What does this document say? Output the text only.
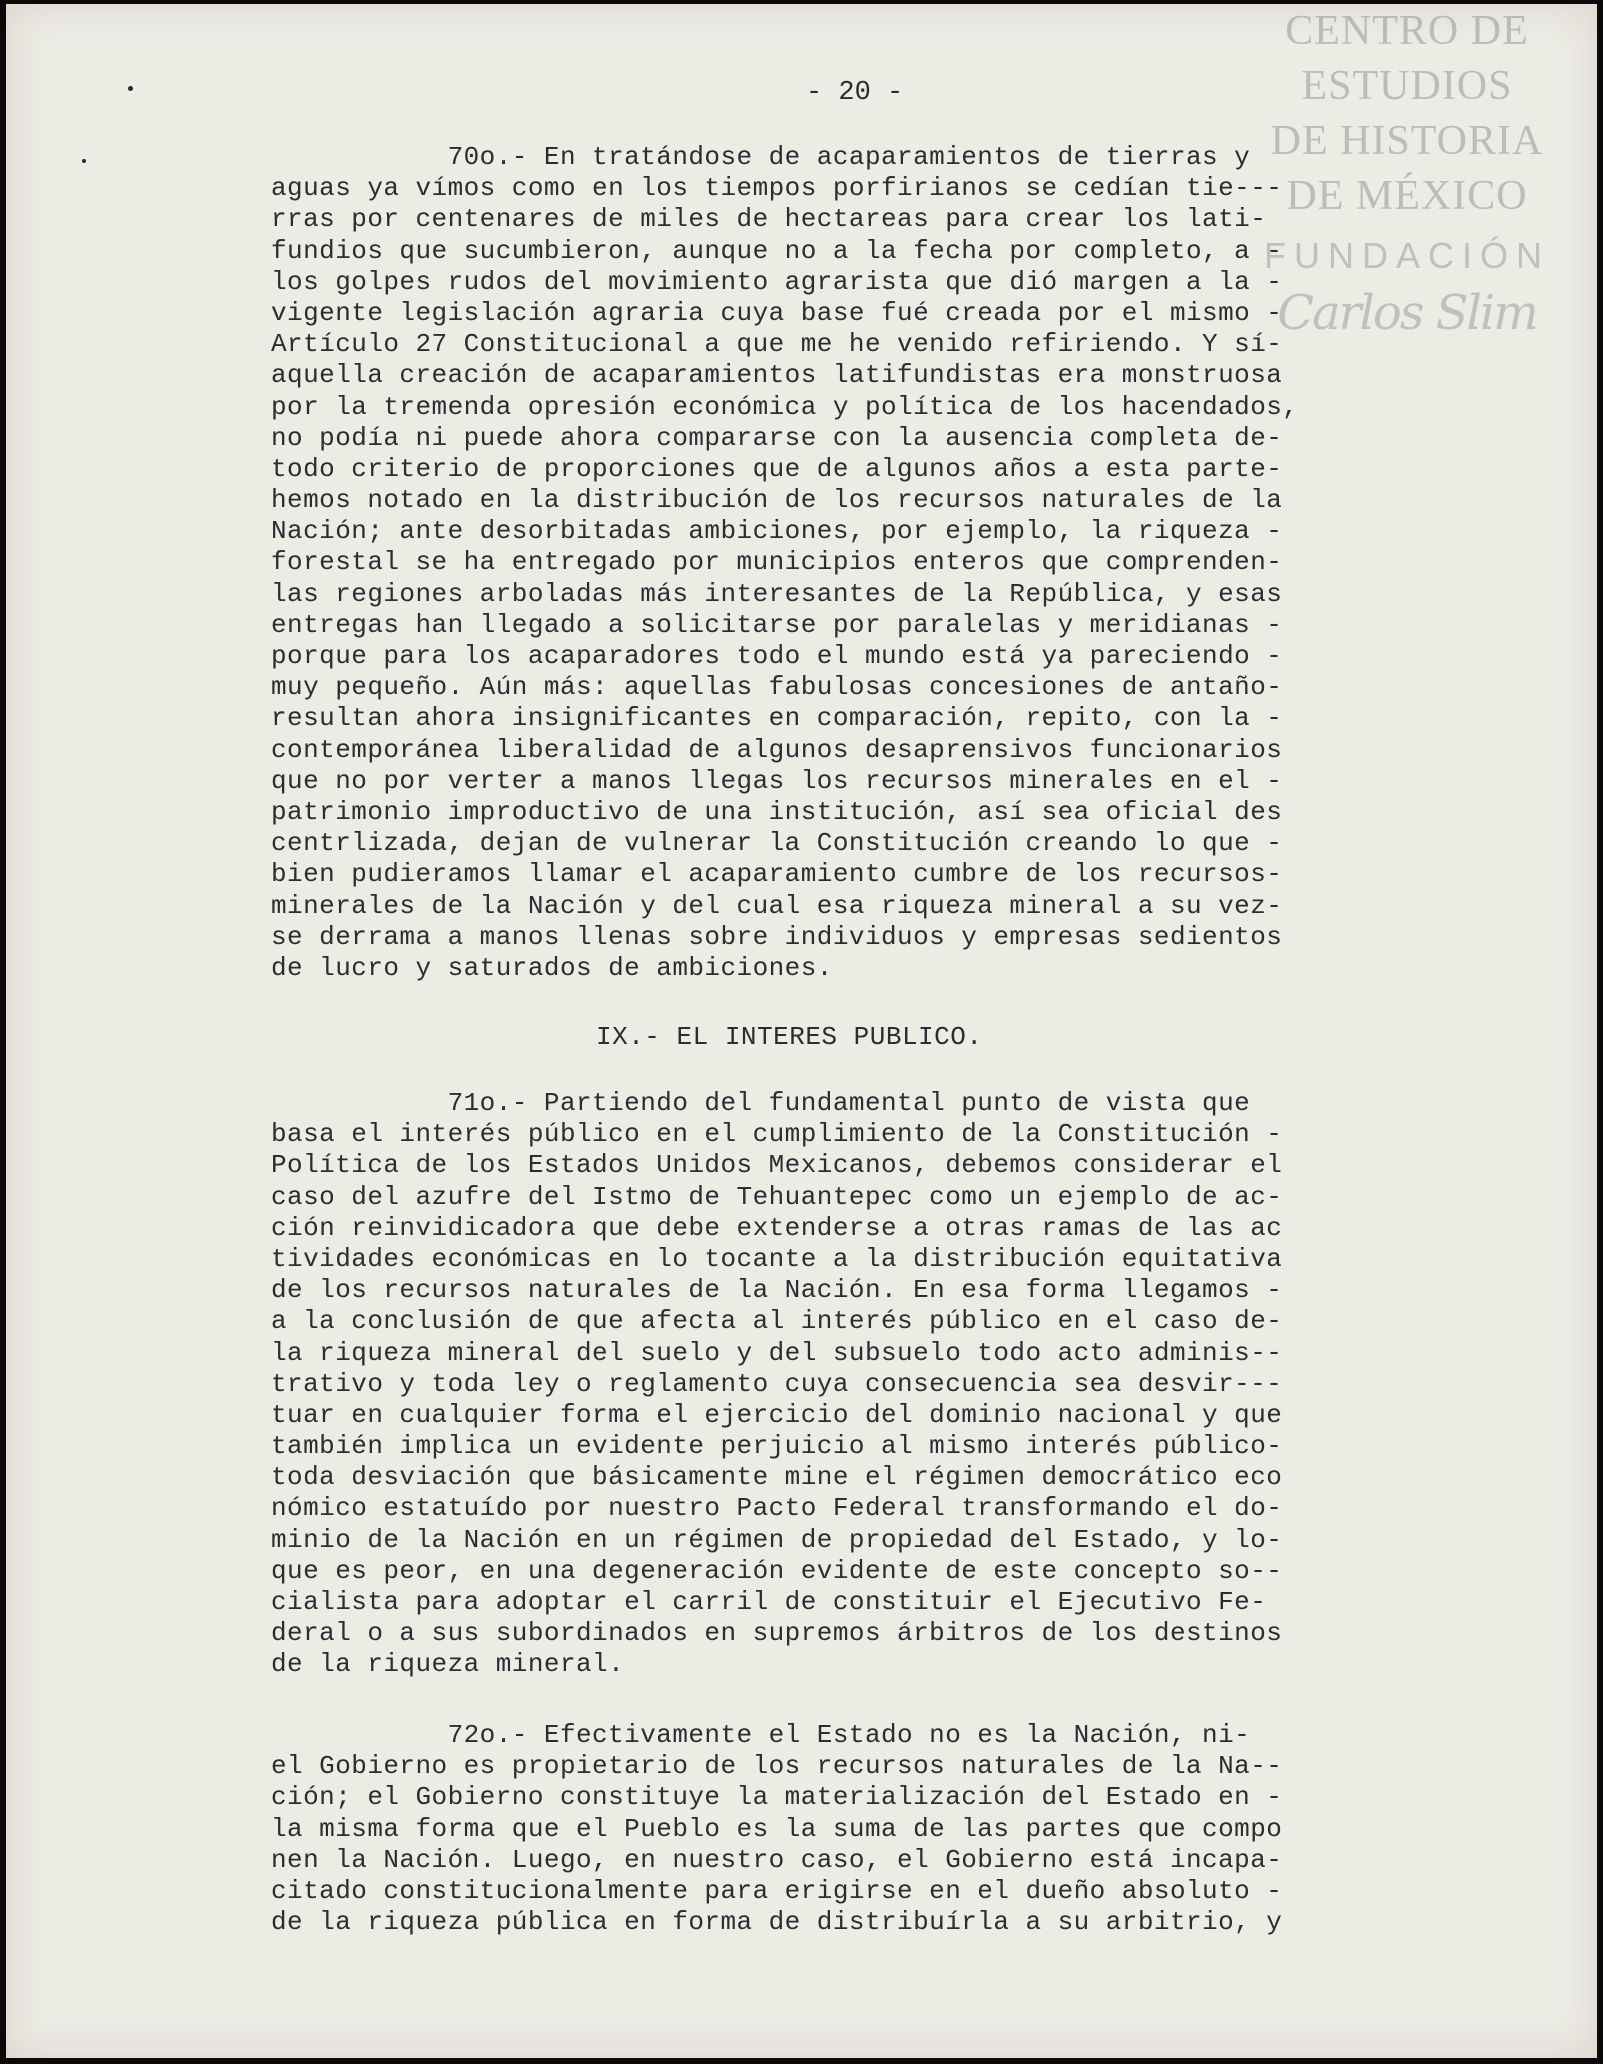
CENTRO DE
ESTUDIOS
DE HISTORIA
DE MÉXICO
FUNDACIÓN
Carlos Slim
- 20 -
70o.- En tratándose de acaparamientos de tierras y
aguas ya vímos como en los tiempos porfirianos se cedían tie---
rras por centenares de miles de hectareas para crear los lati-
fundios que sucumbieron, aunque no a la fecha por completo, a -
los golpes rudos del movimiento agrarista que dió margen a la -
vigente legislación agraria cuya base fué creada por el mismo -
Artículo 27 Constitucional a que me he venido refiriendo. Y sí-
aquella creación de acaparamientos latifundistas era monstruosa
por la tremenda opresión económica y política de los hacendados,
no podía ni puede ahora compararse con la ausencia completa de-
todo criterio de proporciones que de algunos años a esta parte-
hemos notado en la distribución de los recursos naturales de la
Nación; ante desorbitadas ambiciones, por ejemplo, la riqueza -
forestal se ha entregado por municipios enteros que comprenden-
las regiones arboladas más interesantes de la República, y esas
entregas han llegado a solicitarse por paralelas y meridianas -
porque para los acaparadores todo el mundo está ya pareciendo -
muy pequeño. Aún más: aquellas fabulosas concesiones de antaño-
resultan ahora insignificantes en comparación, repito, con la -
contemporánea liberalidad de algunos desaprensivos funcionarios
que no por verter a manos llegas los recursos minerales en el -
patrimonio improductivo de una institución, así sea oficial des
centrlizada, dejan de vulnerar la Constitución creando lo que -
bien pudieramos llamar el acaparamiento cumbre de los recursos-
minerales de la Nación y del cual esa riqueza mineral a su vez-
se derrama a manos llenas sobre individuos y empresas sedientos
de lucro y saturados de ambiciones.
IX.- EL INTERES PUBLICO.
71o.- Partiendo del fundamental punto de vista que
basa el interés público en el cumplimiento de la Constitución -
Política de los Estados Unidos Mexicanos, debemos considerar el
caso del azufre del Istmo de Tehuantepec como un ejemplo de ac-
ción reinvidicadora que debe extenderse a otras ramas de las ac
tividades económicas en lo tocante a la distribución equitativa
de los recursos naturales de la Nación. En esa forma llegamos -
a la conclusión de que afecta al interés público en el caso de-
la riqueza mineral del suelo y del subsuelo todo acto adminis--
trativo y toda ley o reglamento cuya consecuencia sea desvir---
tuar en cualquier forma el ejercicio del dominio nacional y que
también implica un evidente perjuicio al mismo interés público-
toda desviación que básicamente mine el régimen democrático eco
nómico estatuído por nuestro Pacto Federal transformando el do-
minio de la Nación en un régimen de propiedad del Estado, y lo-
que es peor, en una degeneración evidente de este concepto so--
cialista para adoptar el carril de constituir el Ejecutivo Fe-
deral o a sus subordinados en supremos árbitros de los destinos
de la riqueza mineral.
72o.- Efectivamente el Estado no es la Nación, ni-
el Gobierno es propietario de los recursos naturales de la Na--
ción; el Gobierno constituye la materialización del Estado en -
la misma forma que el Pueblo es la suma de las partes que compo
nen la Nación. Luego, en nuestro caso, el Gobierno está incapa-
citado constitucionalmente para erigirse en el dueño absoluto -
de la riqueza pública en forma de distribuírla a su arbitrio, y
